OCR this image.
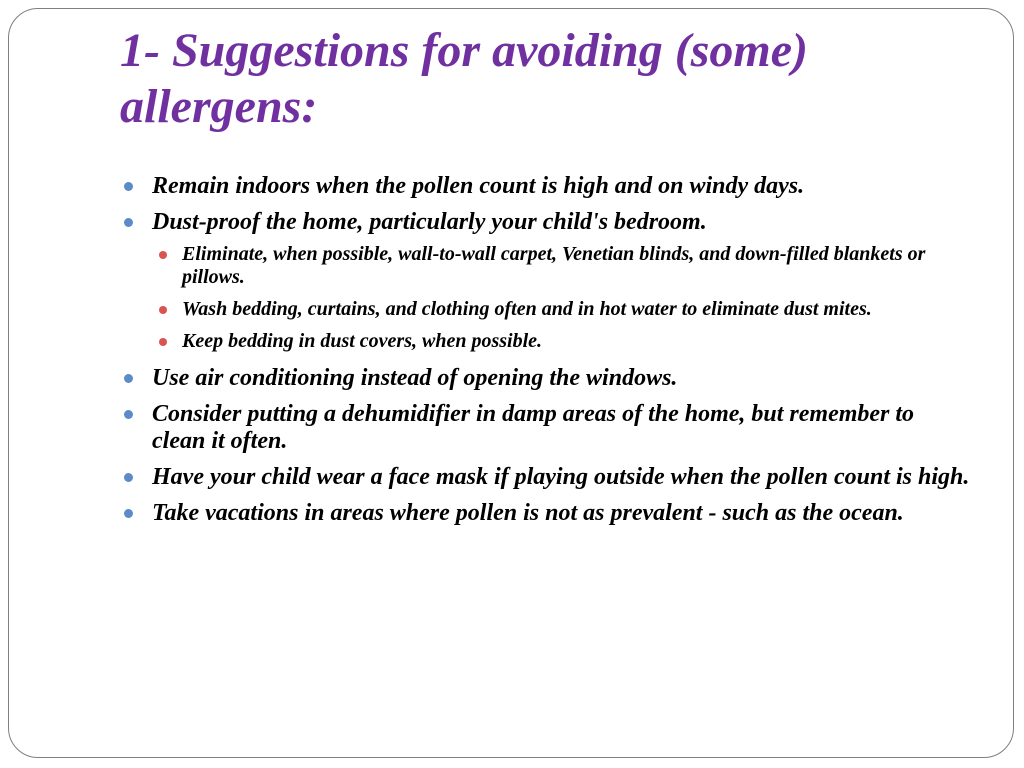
1- Suggestions for avoiding (some) allergens:
Remain indoors when the pollen count is high and on windy days.
Dust-proof the home, particularly your child's bedroom.
Eliminate, when possible, wall-to-wall carpet, Venetian blinds, and down-filled blankets or pillows.
Wash bedding, curtains, and clothing often and in hot water to eliminate dust mites.
Keep bedding in dust covers, when possible.
Use air conditioning instead of opening the windows.
Consider putting a dehumidifier in damp areas of the home, but remember to clean it often.
Have your child wear a face mask if playing outside when the pollen count is high.
Take vacations in areas where pollen is not as prevalent - such as the ocean.
